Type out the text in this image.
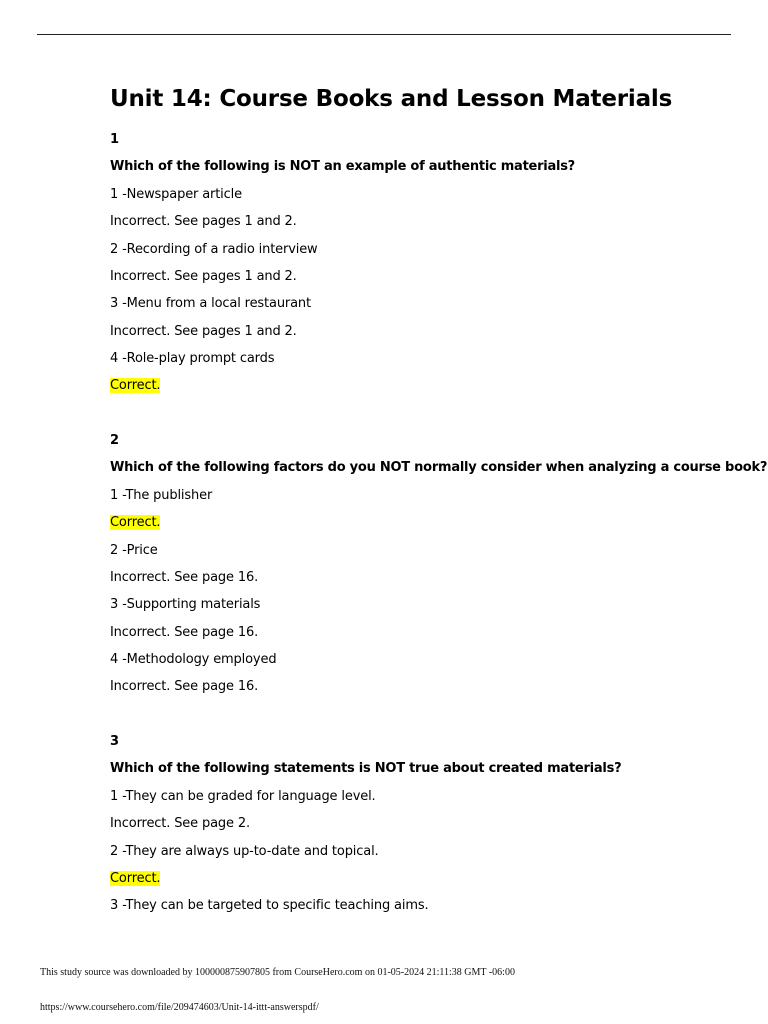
Unit 14: Course Books and Lesson Materials
1
Which of the following is NOT an example of authentic materials?
1 -Newspaper article
Incorrect. See pages 1 and 2.
2 -Recording of a radio interview
Incorrect. See pages 1 and 2.
3 -Menu from a local restaurant
Incorrect. See pages 1 and 2.
4 -Role-play prompt cards
Correct.
2
Which of the following factors do you NOT normally consider when analyzing a course book?
1 -The publisher
Correct.
2 -Price
Incorrect. See page 16.
3 -Supporting materials
Incorrect. See page 16.
4 -Methodology employed
Incorrect. See page 16.
3
Which of the following statements is NOT true about created materials?
1 -They can be graded for language level.
Incorrect. See page 2.
2 -They are always up-to-date and topical.
Correct.
3 -They can be targeted to specific teaching aims.
This study source was downloaded by 100000875907805 from CourseHero.com on 01-05-2024 21:11:38 GMT -06:00
https://www.coursehero.com/file/209474603/Unit-14-ittt-answerspdf/
